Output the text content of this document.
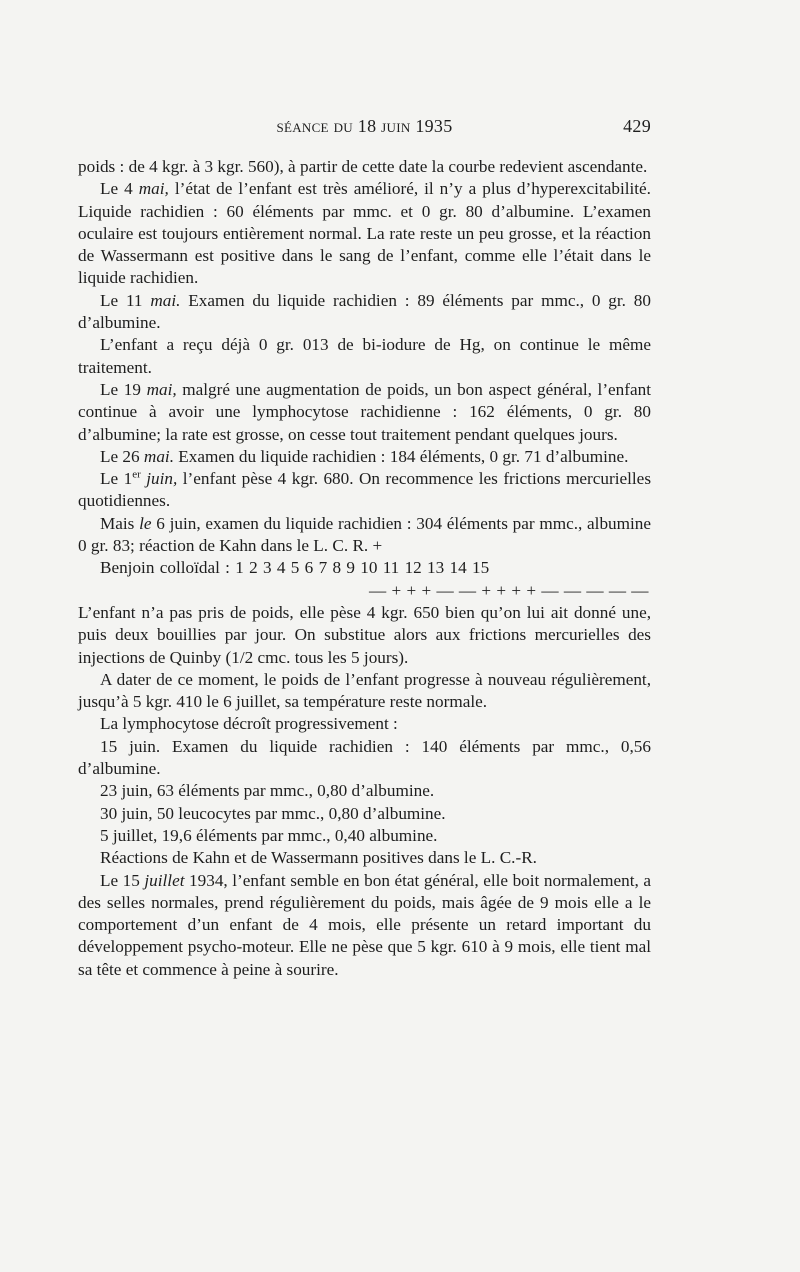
séance du 18 juin 1935	429

poids : de 4 kgr. à 3 kgr. 560), à partir de cette date la courbe redevient ascendante.

Le 4 mai, l’état de l’enfant est très amélioré, il n’y a plus d’hyperexcitabilité. Liquide rachidien : 60 éléments par mmc. et 0 gr. 80 d’albumine. L’examen oculaire est toujours entièrement normal. La rate reste un peu grosse, et la réaction de Wassermann est positive dans le sang de l’enfant, comme elle l’était dans le liquide rachidien.

Le 11 mai. Examen du liquide rachidien : 89 éléments par mmc., 0 gr. 80 d’albumine.

L’enfant a reçu déjà 0 gr. 013 de bi-iodure de Hg, on continue le même traitement.

Le 19 mai, malgré une augmentation de poids, un bon aspect général, l’enfant continue à avoir une lymphocytose rachidienne : 162 éléments, 0 gr. 80 d’albumine; la rate est grosse, on cesse tout traitement pendant quelques jours.

Le 26 mai. Examen du liquide rachidien : 184 éléments, 0 gr. 71 d’albumine.

Le 1er juin, l’enfant pèse 4 kgr. 680. On recommence les frictions mercurielles quotidiennes.

Mais le 6 juin, examen du liquide rachidien : 304 éléments par mmc., albumine 0 gr. 83; réaction de Kahn dans le L. C. R. +

Benjoin colloïdal : 1 2 3 4 5 6 7 8 9 10 11 12 13 14 15

— + + + — — + + + + — — — — —

L’enfant n’a pas pris de poids, elle pèse 4 kgr. 650 bien qu’on lui ait donné une, puis deux bouillies par jour. On substitue alors aux frictions mercurielles des injections de Quinby (1/2 cmc. tous les 5 jours).

A dater de ce moment, le poids de l’enfant progresse à nouveau régulièrement, jusqu’à 5 kgr. 410 le 6 juillet, sa température reste normale.

La lymphocytose décroît progressivement :

15 juin. Examen du liquide rachidien : 140 éléments par mmc., 0,56 d’albumine.

23 juin, 63 éléments par mmc., 0,80 d’albumine.

30 juin, 50 leucocytes par mmc., 0,80 d’albumine.

5 juillet, 19,6 éléments par mmc., 0,40 albumine.

Réactions de Kahn et de Wassermann positives dans le L. C.-R.

Le 15 juillet 1934, l’enfant semble en bon état général, elle boit normalement, a des selles normales, prend régulièrement du poids, mais âgée de 9 mois elle a le comportement d’un enfant de 4 mois, elle présente un retard important du développement psycho-moteur. Elle ne pèse que 5 kgr. 610 à 9 mois, elle tient mal sa tête et commence à peine à sourire.
